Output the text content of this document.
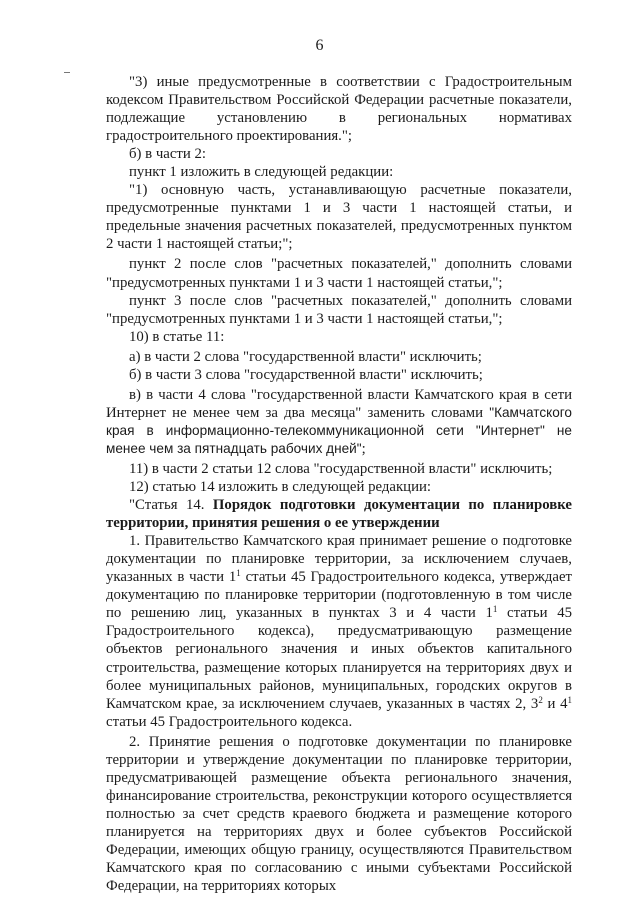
6

"3) иные предусмотренные в соответствии с Градостроительным кодексом Правительством Российской Федерации расчетные показатели, подлежащие установлению в региональных нормативах градостроительного проектирования.";

б) в части 2:

пункт 1 изложить в следующей редакции:

"1) основную часть, устанавливающую расчетные показатели, предусмотренные пунктами 1 и 3 части 1 настоящей статьи, и предельные значения расчетных показателей, предусмотренных пунктом 2 части 1 настоящей статьи;";

пункт 2 после слов "расчетных показателей," дополнить словами "предусмотренных пунктами 1 и 3 части 1 настоящей статьи,";

пункт 3 после слов "расчетных показателей," дополнить словами "предусмотренных пунктами 1 и 3 части 1 настоящей статьи,";

10) в статье 11:

а) в части 2 слова "государственной власти" исключить;

б) в части 3 слова "государственной власти" исключить;

в) в части 4 слова "государственной власти Камчатского края в сети Интернет не менее чем за два месяца" заменить словами "Камчатского края в информационно-телекоммуникационной сети "Интернет" не менее чем за пятнадцать рабочих дней";

11) в части 2 статьи 12 слова "государственной власти" исключить;

12) статью 14 изложить в следующей редакции:

"Статья 14. Порядок подготовки документации по планировке территории, принятия решения о ее утверждении

1. Правительство Камчатского края принимает решение о подготовке документации по планировке территории, за исключением случаев, указанных в части $1^1$ статьи 45 Градостроительного кодекса, утверждает документацию по планировке территории (подготовленную в том числе по решению лиц, указанных в пунктах 3 и 4 части $1^1$ статьи 45 Градостроительного кодекса), предусматривающую размещение объектов регионального значения и иных объектов капитального строительства, размещение которых планируется на территориях двух и более муниципальных районов, муниципальных, городских округов в Камчатском крае, за исключением случаев, указанных в частях 2, $3^2$ и $4^1$ статьи 45 Градостроительного кодекса.

2. Принятие решения о подготовке документации по планировке территории и утверждение документации по планировке территории, предусматривающей размещение объекта регионального значения, финансирование строительства, реконструкции которого осуществляется полностью за счет средств краевого бюджета и размещение которого планируется на территориях двух и более субъектов Российской Федерации, имеющих общую границу, осуществляются Правительством Камчатского края по согласованию с иными субъектами Российской Федерации, на территориях которых
